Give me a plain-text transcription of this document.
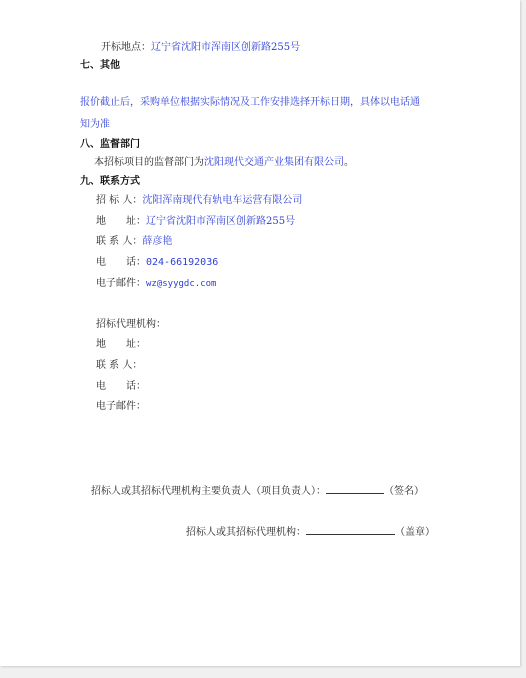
开标地点：辽宁省沈阳市浑南区创新路255号
七、其他
报价截止后，采购单位根据实际情况及工作安排选择开标日期，具体以电话通
知为准
八、监督部门
本招标项目的监督部门为沈阳现代交通产业集团有限公司。
九、联系方式
招 标 人：沈阳浑南现代有轨电车运营有限公司
地　　址：辽宁省沈阳市浑南区创新路255号
联 系 人：薛彦艳
电　　话：024-66192036
电子邮件：wz@syygdc.com
招标代理机构：
地　　址：
联 系 人：
电　　话：
电子邮件：
招标人或其招标代理机构主要负责人（项目负责人）：	（签名）
招标人或其招标代理机构：	（盖章）
